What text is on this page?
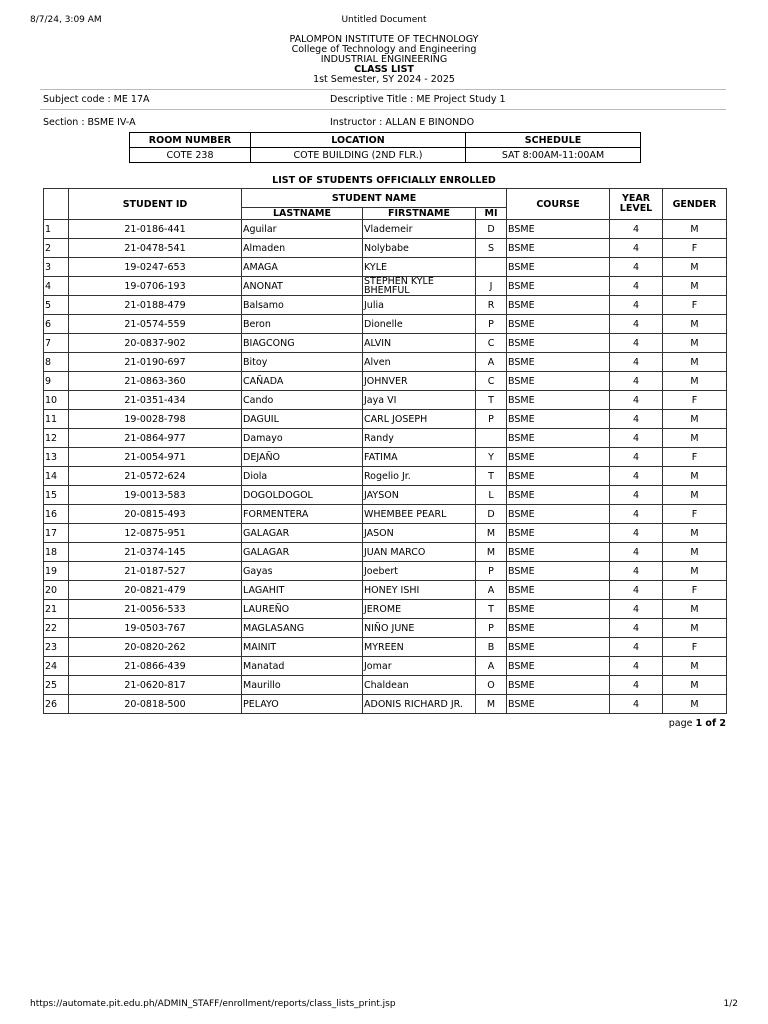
8/7/24, 3:09 AM	Untitled Document
PALOMPON INSTITUTE OF TECHNOLOGY
College of Technology and Engineering
INDUSTRIAL ENGINEERING
CLASS LIST
1st Semester, SY 2024 - 2025
Subject code : ME 17A	Descriptive Title : ME Project Study 1
Section : BSME IV-A	Instructor : ALLAN E BINONDO
ROOM NUMBER	LOCATION	SCHEDULE
COTE 238	COTE BUILDING (2ND FLR.)	SAT 8:00AM-11:00AM
LIST OF STUDENTS OFFICIALLY ENROLLED
	STUDENT ID	STUDENT NAME			COURSE	YEAR LEVEL	GENDER
		LASTNAME	FIRSTNAME	MI			
1	21-0186-441	Aguilar	Vlademeir	D	BSME	4	M
2	21-0478-541	Almaden	Nolybabe	S	BSME	4	F
3	19-0247-653	AMAGA	KYLE		BSME	4	M
4	19-0706-193	ANONAT	STEPHEN KYLE BHEMFUL	J	BSME	4	M
5	21-0188-479	Balsamo	Julia	R	BSME	4	F
6	21-0574-559	Beron	Dionelle	P	BSME	4	M
7	20-0837-902	BIAGCONG	ALVIN	C	BSME	4	M
8	21-0190-697	Bitoy	Alven	A	BSME	4	M
9	21-0863-360	CAÑADA	JOHNVER	C	BSME	4	M
10	21-0351-434	Cando	Jaya VI	T	BSME	4	F
11	19-0028-798	DAGUIL	CARL JOSEPH	P	BSME	4	M
12	21-0864-977	Damayo	Randy		BSME	4	M
13	21-0054-971	DEJAÑO	FATIMA	Y	BSME	4	F
14	21-0572-624	Diola	Rogelio Jr.	T	BSME	4	M
15	19-0013-583	DOGOLDOGOL	JAYSON	L	BSME	4	M
16	20-0815-493	FORMENTERA	WHEMBEE PEARL	D	BSME	4	F
17	12-0875-951	GALAGAR	JASON	M	BSME	4	M
18	21-0374-145	GALAGAR	JUAN MARCO	M	BSME	4	M
19	21-0187-527	Gayas	Joebert	P	BSME	4	M
20	20-0821-479	LAGAHIT	HONEY ISHI	A	BSME	4	F
21	21-0056-533	LAUREÑO	JEROME	T	BSME	4	M
22	19-0503-767	MAGLASANG	NIÑO JUNE	P	BSME	4	M
23	20-0820-262	MAINIT	MYREEN	B	BSME	4	F
24	21-0866-439	Manatad	Jomar	A	BSME	4	M
25	21-0620-817	Maurillo	Chaldean	O	BSME	4	M
26	20-0818-500	PELAYO	ADONIS RICHARD JR.	M	BSME	4	M
page 1 of 2
https://automate.pit.edu.ph/ADMIN_STAFF/enrollment/reports/class_lists_print.jsp	1/2
